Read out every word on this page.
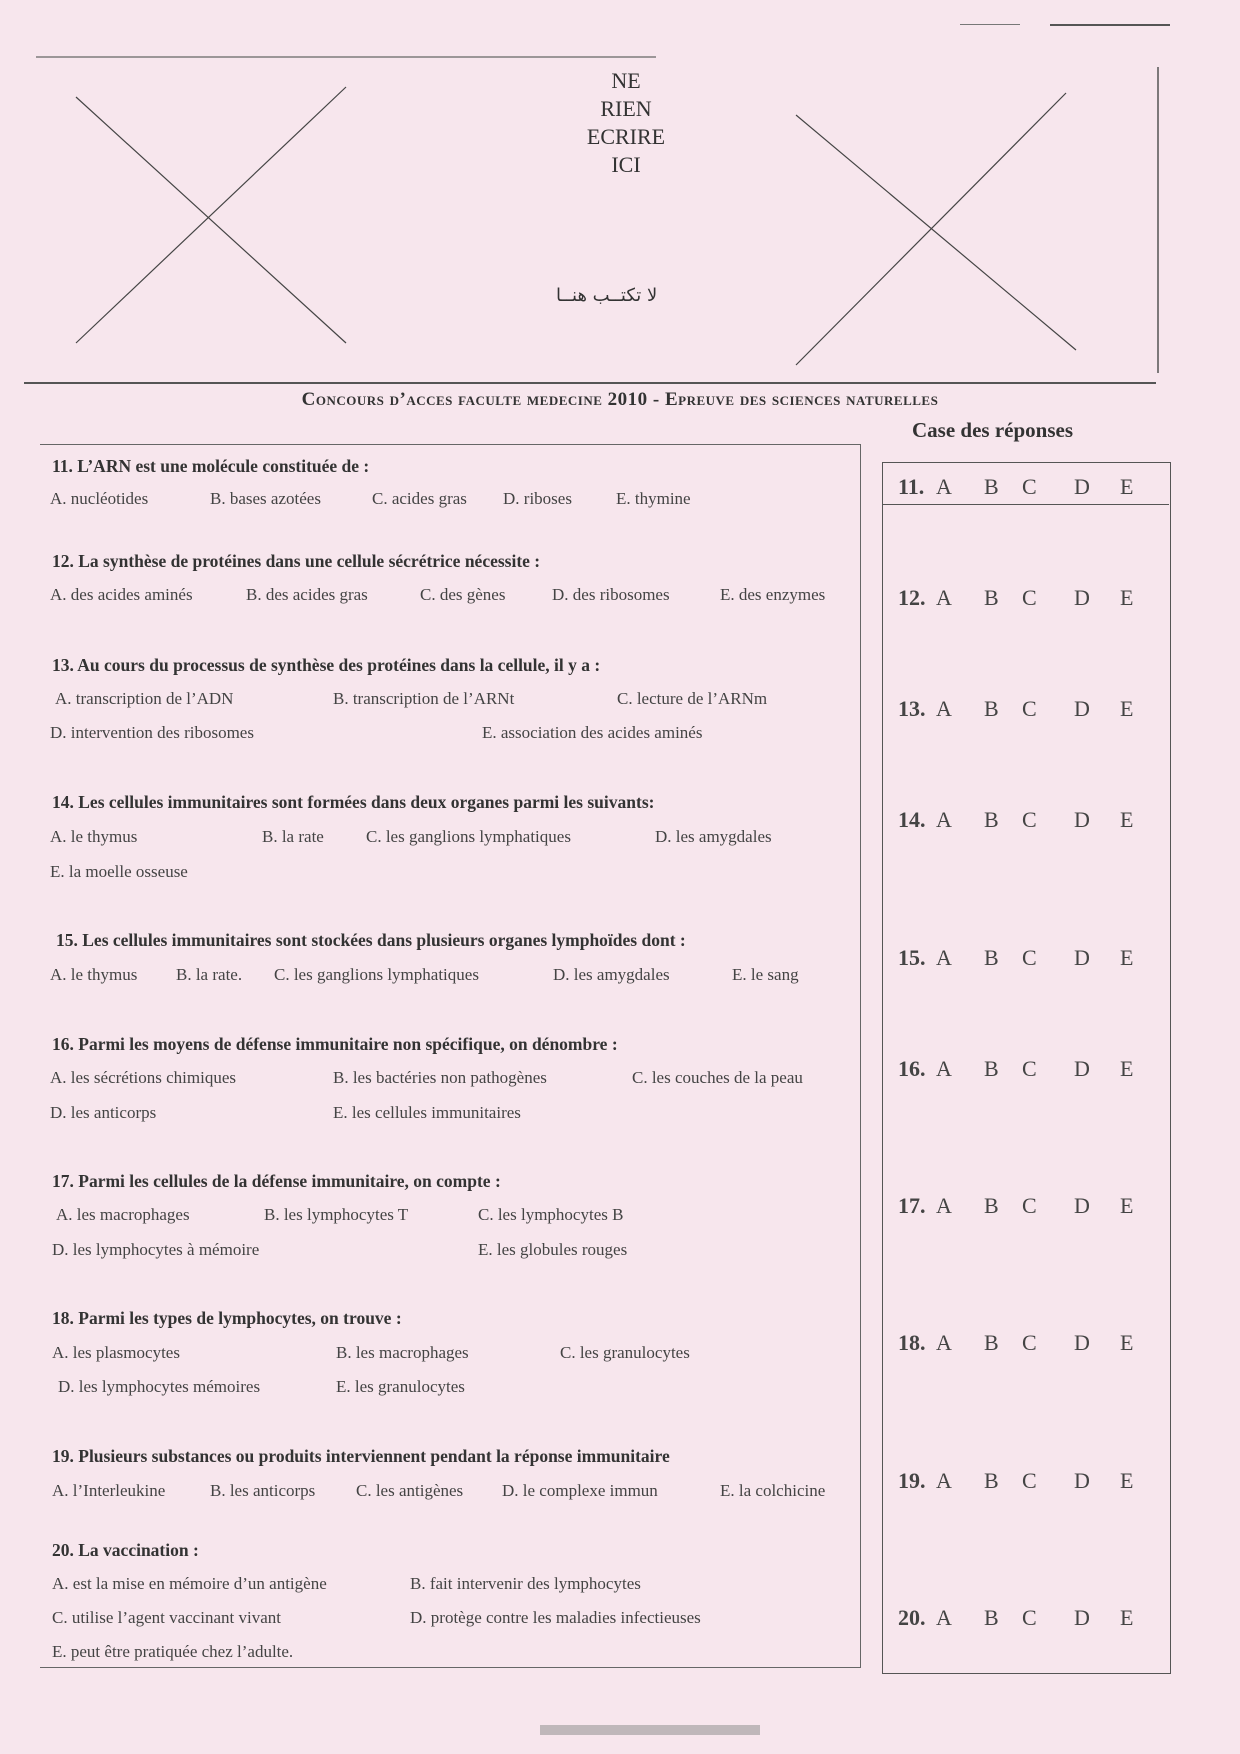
NE
RIEN
ECRIRE
ICI
لا تكتــب هنــا
Concours d’acces faculte medecine 2010 - Epreuve des sciences naturelles
Case des réponses
11. L’ARN est une molécule constituée de :
A. nucléotides	B. bases azotées	C. acides gras D. riboses	E. thymine
12. La synthèse de protéines dans une cellule sécrétrice nécessite :
A. des acides aminés	B. des acides gras	C. des gènes	D. des ribosomes	E. des enzymes
13. Au cours du processus de synthèse des protéines dans la cellule, il y a :
A. transcription de l’ADN	B. transcription de l’ARNt	C. lecture de l’ARNm
D. intervention des ribosomes	E. association des acides aminés
14. Les cellules immunitaires sont formées dans deux organes parmi les suivants:
A. le thymus	B. la rate C. les ganglions lymphatiques	D. les amygdales
E. la moelle osseuse
15. Les cellules immunitaires sont stockées dans plusieurs organes lymphoïdes dont :
A. le thymus B. la rate. C. les ganglions lymphatiques	D. les amygdales	E. le sang
16. Parmi les moyens de défense immunitaire non spécifique, on dénombre :
A. les sécrétions chimiques	B. les bactéries non pathogènes	C. les couches de la peau
D. les anticorps	E. les cellules immunitaires
17. Parmi les cellules de la défense immunitaire, on compte :
A. les macrophages	B. les lymphocytes T	C. les lymphocytes B
D. les lymphocytes à mémoire	E. les globules rouges
18. Parmi les types de lymphocytes, on trouve :
A. les plasmocytes	B. les macrophages	C. les granulocytes
D. les lymphocytes mémoires	E. les granulocytes
19. Plusieurs substances ou produits interviennent pendant la réponse immunitaire
A. l’Interleukine	B. les anticorps C. les antigènes D. le complexe immun	E. la colchicine
20. La vaccination :
A. est la mise en mémoire d’un antigène	B. fait intervenir des lymphocytes
C. utilise l’agent vaccinant vivant	D. protège contre les maladies infectieuses
E. peut être pratiquée chez l’adulte.
11. A B C D E
12. A B C D E
13. A B C D E
14. A B C D E
15. A B C D E
16. A B C D E
17. A B C D E
18. A B C D E
19. A B C D E
20. A B C D E
